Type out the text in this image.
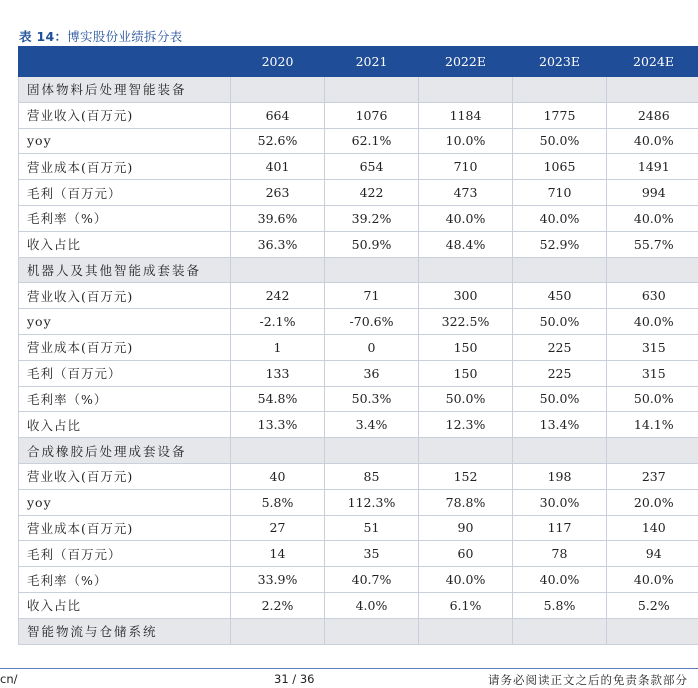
表 14：博实股份业绩拆分表
	2020	2021	2022E	2023E	2024E
固体物料后处理智能装备					
营业收入(百万元)	664	1076	1184	1775	2486
yoy	52.6%	62.1%	10.0%	50.0%	40.0%
营业成本(百万元)	401	654	710	1065	1491
毛利（百万元）	263	422	473	710	994
毛利率（%）	39.6%	39.2%	40.0%	40.0%	40.0%
收入占比	36.3%	50.9%	48.4%	52.9%	55.7%
机器人及其他智能成套装备					
营业收入(百万元)	242	71	300	450	630
yoy	-2.1%	-70.6%	322.5%	50.0%	40.0%
营业成本(百万元)	1	0	150	225	315
毛利（百万元）	133	36	150	225	315
毛利率（%）	54.8%	50.3%	50.0%	50.0%	50.0%
收入占比	13.3%	3.4%	12.3%	13.4%	14.1%
合成橡胶后处理成套设备					
营业收入(百万元)	40	85	152	198	237
yoy	5.8%	112.3%	78.8%	30.0%	20.0%
营业成本(百万元)	27	51	90	117	140
毛利（百万元）	14	35	60	78	94
毛利率（%）	33.9%	40.7%	40.0%	40.0%	40.0%
收入占比	2.2%	4.0%	6.1%	5.8%	5.2%
智能物流与仓储系统					
cn/	31 / 36	请务必阅读正文之后的免责条款部分
